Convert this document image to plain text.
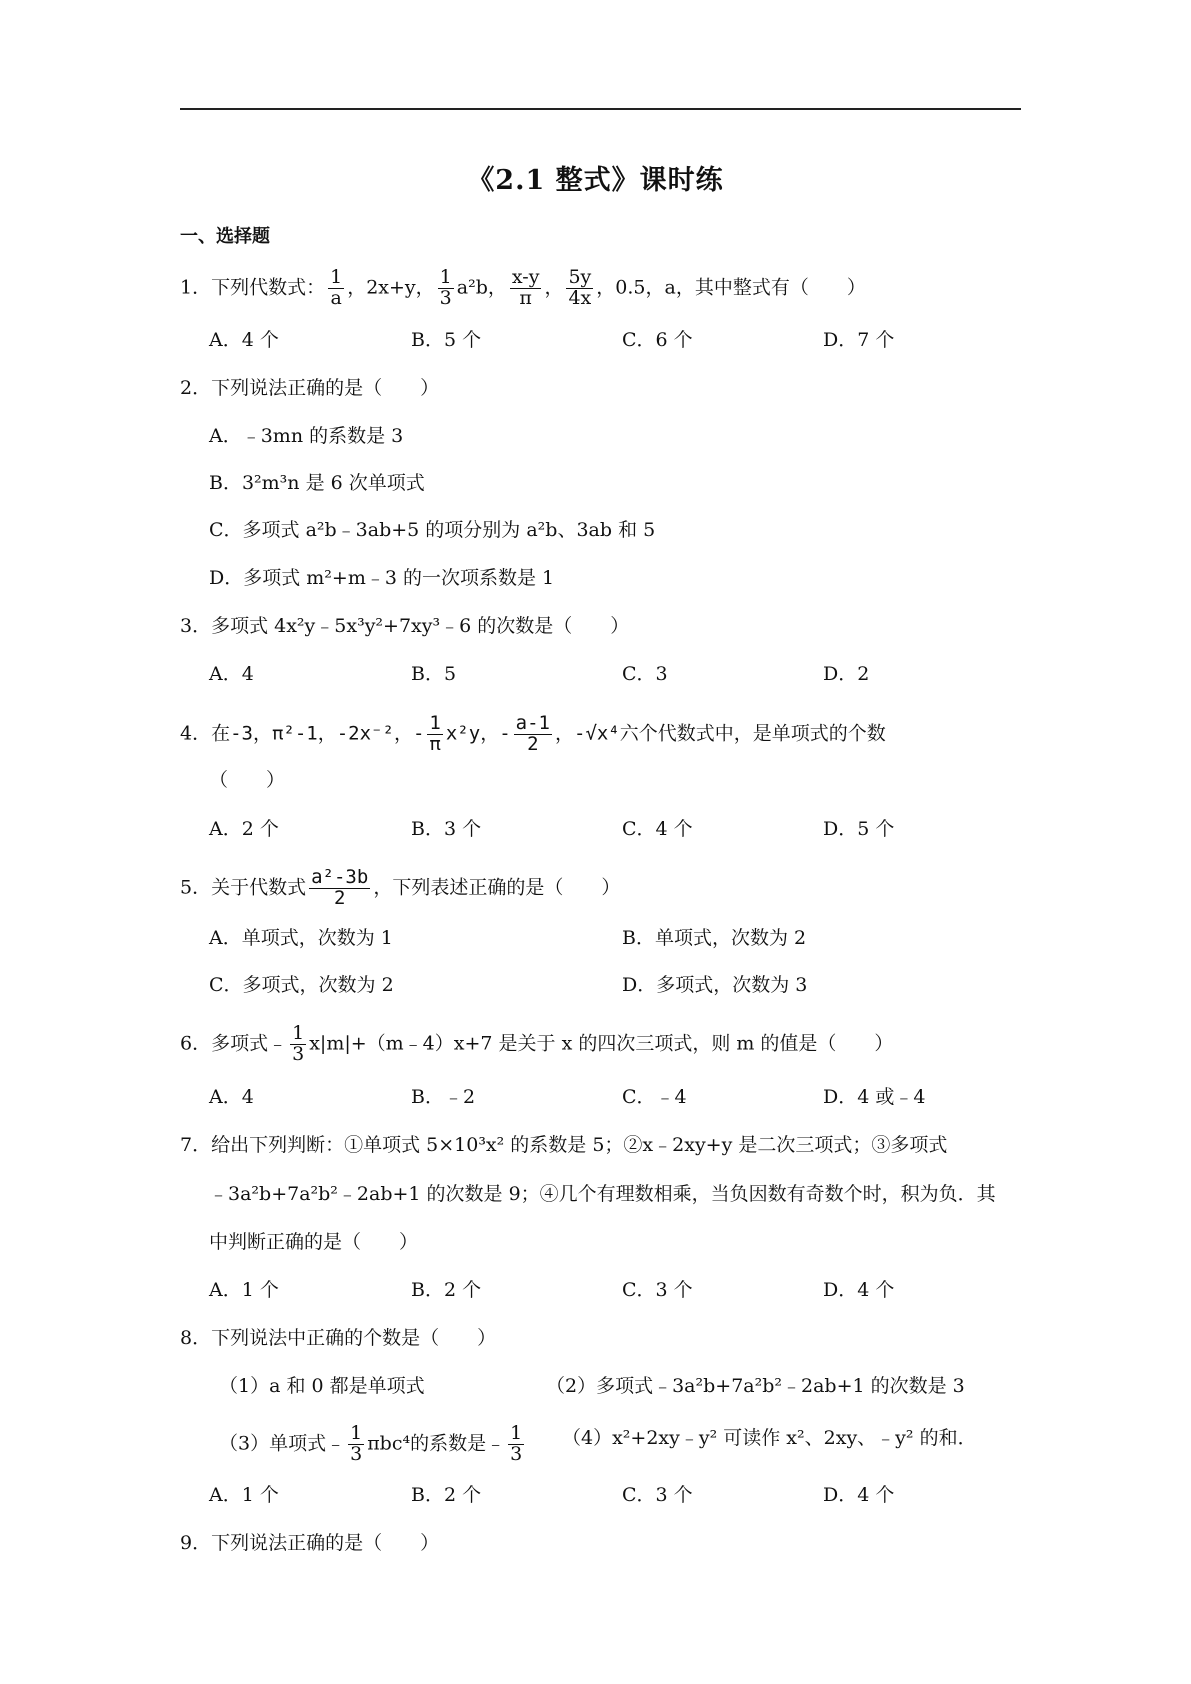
《2.1 整式》课时练
一、选择题
1．下列代数式： $\frac{1}{a}$ ，2x+y， $\frac{1}{3} a^2b$， $\frac{x-y}{\pi}$ ， $\frac{5y}{4x}$ ，0.5，a，其中整式有（　　）
A．4 个	B．5 个	C．6 个	D．7 个
2．下列说法正确的是（　　）
A．﹣3mn 的系数是 3
B．3²m³n 是 6 次单项式
C．多项式 a²b﹣3ab+5 的项分别为 a²b、3ab 和 5
D．多项式 m²+m﹣3 的一次项系数是 1
3．多项式 4x²y﹣5x³y²+7xy³﹣6 的次数是（　　）
A．4	B．5	C．3	D．2
4．在-3，π²-1，-2x⁻²，- $\frac{1}{\pi} x^2y$，- $\frac{a-1}{2}$ ，-√x⁴六个代数式中，是单项式的个数
（　　）
A．2 个	B．3 个	C．4 个	D．5 个
5．关于代数式 $\frac{\text{a²-3b}}{2}$ ，下列表述正确的是（　　）
A．单项式，次数为 1	B．单项式，次数为 2
C．多项式，次数为 2	D．多项式，次数为 3
6．多项式﹣ $\frac{1}{3}$ x|m|+（m﹣4）x+7 是关于 x 的四次三项式，则 m 的值是（　　）
A．4	B．﹣2	C．﹣4	D．4 或﹣4
7．给出下列判断：①单项式 5×10³x² 的系数是 5；②x﹣2xy+y 是二次三项式；③多项式
﹣3a²b+7a²b²﹣2ab+1 的次数是 9；④几个有理数相乘，当负因数有奇数个时，积为负．其
中判断正确的是（　　）
A．1 个	B．2 个	C．3 个	D．4 个
8．下列说法中正确的个数是（　　）
（1）a 和 0 都是单项式	（2）多项式﹣3a²b+7a²b²﹣2ab+1 的次数是 3
（3）单项式﹣ $\frac{1}{3} \pi bc^4$的系数是﹣ $\frac{1}{3}$ （4）x²+2xy﹣y² 可读作 x²、2xy、﹣y² 的和．
A．1 个	B．2 个	C．3 个	D．4 个
9．下列说法正确的是（　　）
